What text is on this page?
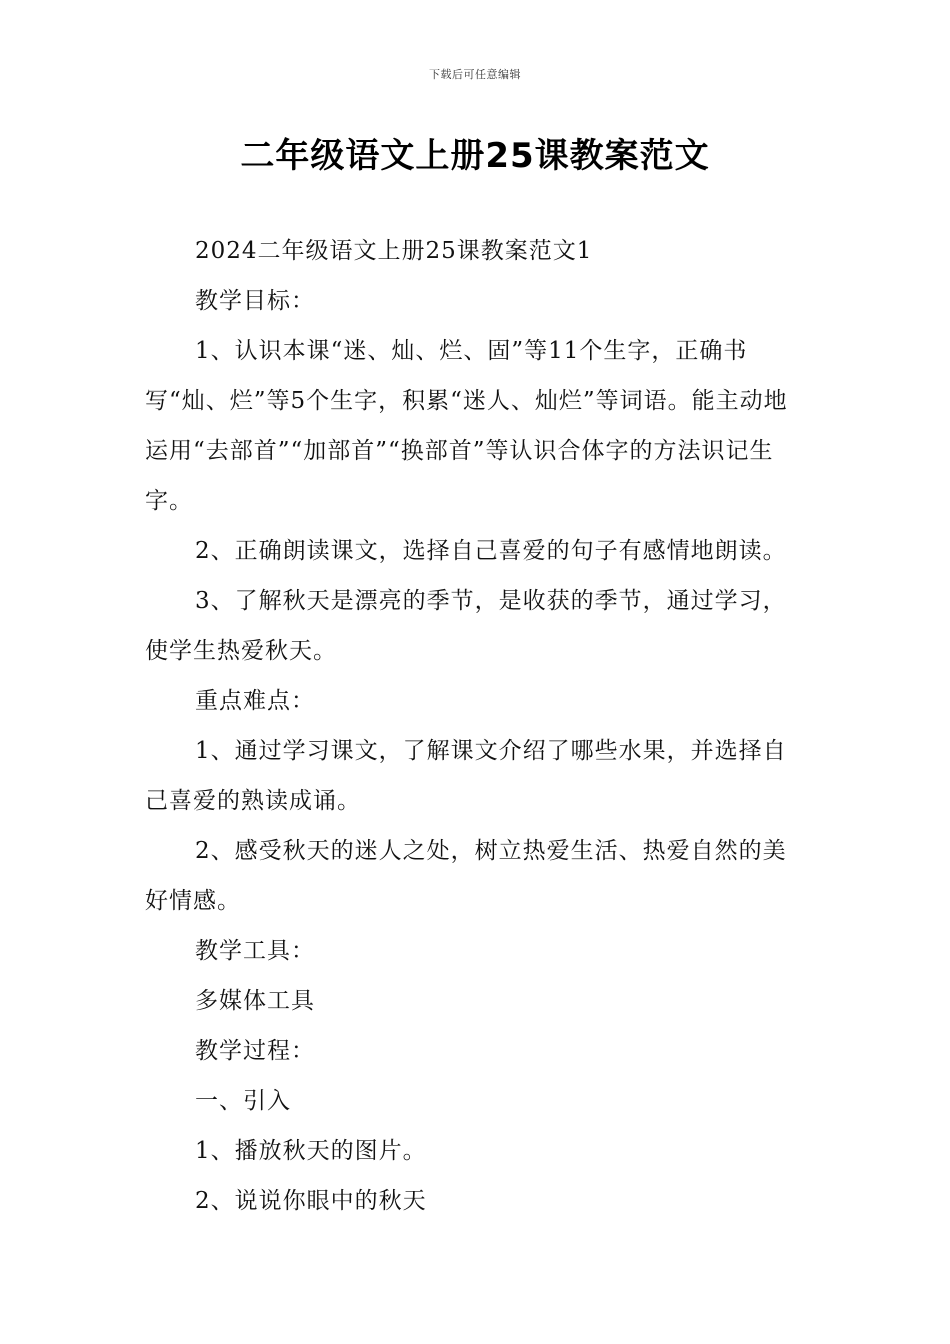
下载后可任意编辑
二年级语文上册25课教案范文

2024二年级语文上册25课教案范文1

教学目标：

1、认识本课“迷、灿、烂、固”等11个生字，正确书写“灿、烂”等5个生字，积累“迷人、灿烂”等词语。能主动地运用“去部首”“加部首”“换部首”等认识合体字的方法识记生字。

2、正确朗读课文，选择自己喜爱的句子有感情地朗读。

3、了解秋天是漂亮的季节，是收获的季节，通过学习，使学生热爱秋天。

重点难点：

1、通过学习课文，了解课文介绍了哪些水果，并选择自己喜爱的熟读成诵。

2、感受秋天的迷人之处，树立热爱生活、热爱自然的美好情感。

教学工具：

多媒体工具

教学过程：

一、引入

1、播放秋天的图片。

2、说说你眼中的秋天
